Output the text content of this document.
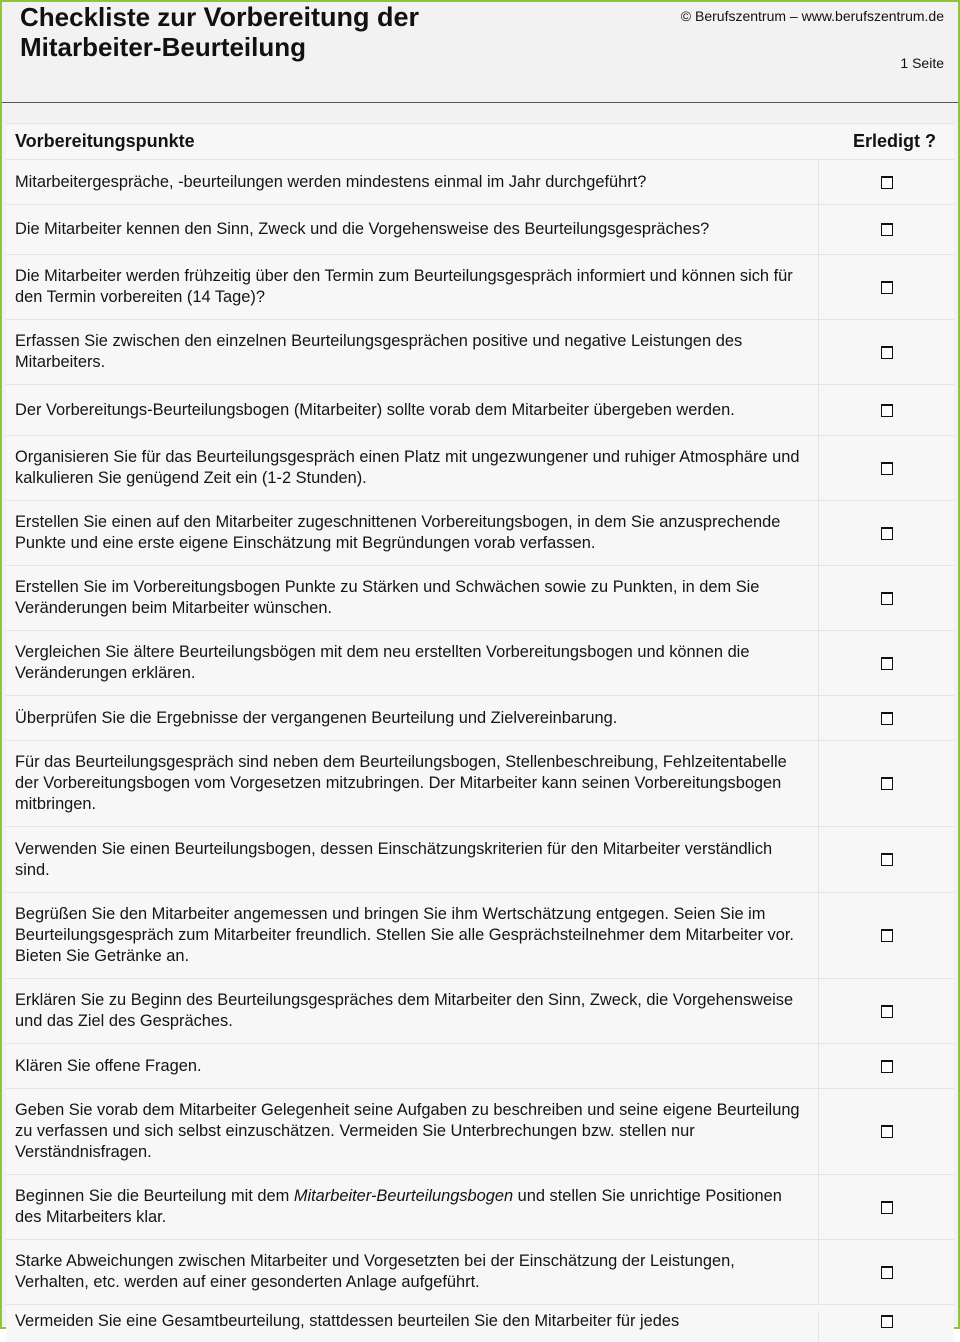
Checkliste zur Vorbereitung der
Mitarbeiter-Beurteilung
© Berufszentrum – www.berufszentrum.de
1 Seite
Vorbereitungspunkte	Erledigt ?
Mitarbeitergespräche, -beurteilungen werden mindestens einmal im Jahr durchgeführt?
Die Mitarbeiter kennen den Sinn, Zweck und die Vorgehensweise des Beurteilungsgespräches?
Die Mitarbeiter werden frühzeitig über den Termin zum Beurteilungsgespräch informiert und können sich für den Termin vorbereiten (14 Tage)?
Erfassen Sie zwischen den einzelnen Beurteilungsgesprächen positive und negative Leistungen des Mitarbeiters.
Der Vorbereitungs-Beurteilungsbogen (Mitarbeiter) sollte vorab dem Mitarbeiter übergeben werden.
Organisieren Sie für das Beurteilungsgespräch einen Platz mit ungezwungener und ruhiger Atmosphäre und kalkulieren Sie genügend Zeit ein (1-2 Stunden).
Erstellen Sie einen auf den Mitarbeiter zugeschnittenen Vorbereitungsbogen, in dem Sie anzusprechende Punkte und eine erste eigene Einschätzung mit Begründungen vorab verfassen.
Erstellen Sie im Vorbereitungsbogen Punkte zu Stärken und Schwächen sowie zu Punkten, in dem Sie Veränderungen beim Mitarbeiter wünschen.
Vergleichen Sie ältere Beurteilungsbögen mit dem neu erstellten Vorbereitungsbogen und können die Veränderungen erklären.
Überprüfen Sie die Ergebnisse der vergangenen Beurteilung und Zielvereinbarung.
Für das Beurteilungsgespräch sind neben dem Beurteilungsbogen, Stellenbeschreibung, Fehlzeitentabelle der Vorbereitungsbogen vom Vorgesetzen mitzubringen. Der Mitarbeiter kann seinen Vorbereitungsbogen mitbringen.
Verwenden Sie einen Beurteilungsbogen, dessen Einschätzungskriterien für den Mitarbeiter verständlich sind.
Begrüßen Sie den Mitarbeiter angemessen und bringen Sie ihm Wertschätzung entgegen. Seien Sie im Beurteilungsgespräch zum Mitarbeiter freundlich. Stellen Sie alle Gesprächsteilnehmer dem Mitarbeiter vor. Bieten Sie Getränke an.
Erklären Sie zu Beginn des Beurteilungsgespräches dem Mitarbeiter den Sinn, Zweck, die Vorgehensweise und das Ziel des Gespräches.
Klären Sie offene Fragen.
Geben Sie vorab dem Mitarbeiter Gelegenheit seine Aufgaben zu beschreiben und seine eigene Beurteilung zu verfassen und sich selbst einzuschätzen. Vermeiden Sie Unterbrechungen bzw. stellen nur Verständnisfragen.
Beginnen Sie die Beurteilung mit dem Mitarbeiter-Beurteilungsbogen und stellen Sie unrichtige Positionen des Mitarbeiters klar.
Starke Abweichungen zwischen Mitarbeiter und Vorgesetzten bei der Einschätzung der Leistungen, Verhalten, etc. werden auf einer gesonderten Anlage aufgeführt.
Vermeiden Sie eine Gesamtbeurteilung, stattdessen beurteilen Sie den Mitarbeiter für jedes
